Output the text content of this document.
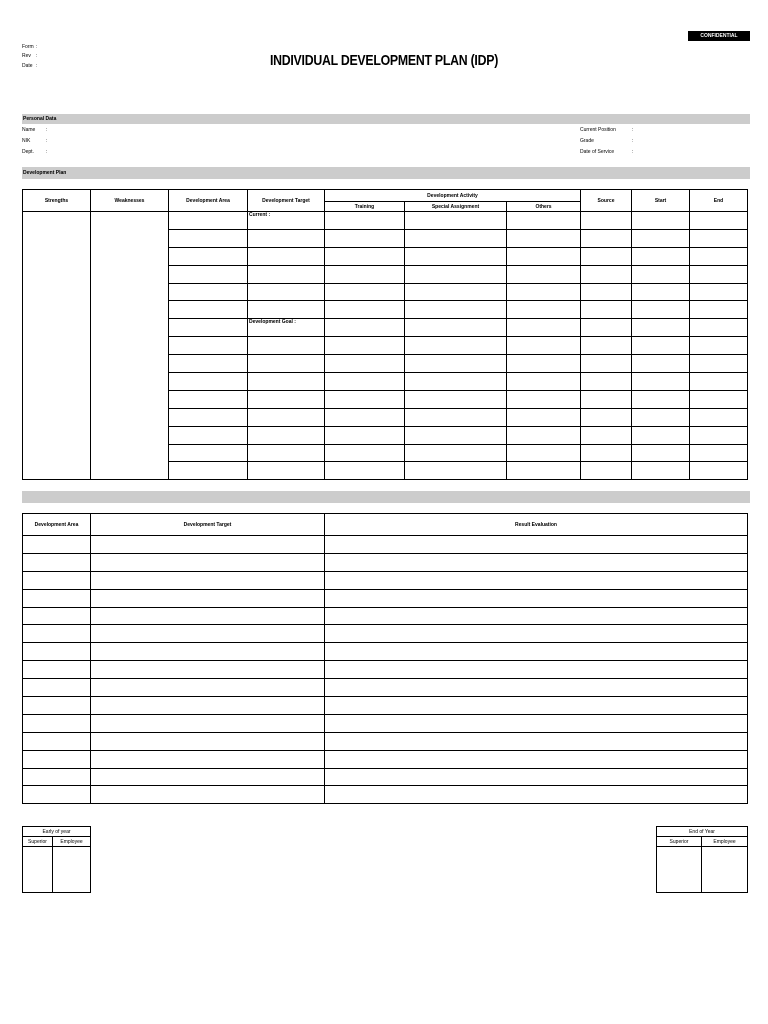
CONFIDENTIAL
Form :
Rev :
Date :	INDIVIDUAL DEVELOPMENT PLAN (IDP)
Personal Data
Name :
NIK	:
Dept. :
Current Position	:
Grade	:
Date of Service	:
Development Plan
Strengths	Weaknesses	Development Area	Development Target	Development Activity			Source	Start	End
				Training	Special Assignment	Others			
			Current :						

			Development Goal :						

Development Area	Development Target	Result Evaluation

Early of year	
Superior	Employee

End of Year	
Superior	Employee
